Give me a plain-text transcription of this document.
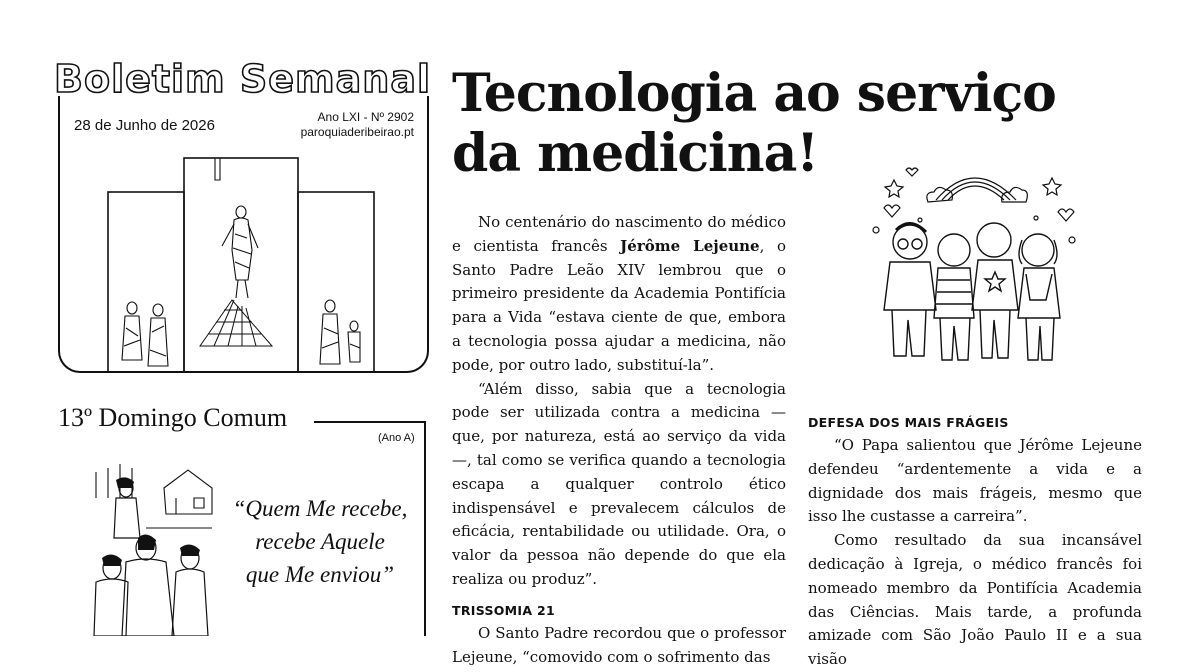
Boletim Semanal
28 de Junho de 2026	Ano LXI - Nº 2902
paroquiaderibeirao.pt
13º Domingo Comum
(Ano A)
“Quem Me recebe,
recebe Aquele
que Me enviou”
Tecnologia ao serviço
da medicina!

No centenário do nascimento do médico e cientista francês Jérôme Lejeune, o Santo Padre Leão XIV lembrou que o primeiro presidente da Academia Pontifícia para a Vida “estava ciente de que, embora a tecnologia possa ajudar a medicina, não pode, por outro lado, substituí-la”.

“Além disso, sabia que a tecnologia pode ser utilizada contra a medicina — que, por natureza, está ao serviço da vida —, tal como se verifica quando a tecnologia escapa a qualquer controlo ético indispensável e prevalecem cálculos de eficácia, rentabilidade ou utilidade. Ora, o valor da pessoa não depende do que ela realiza ou produz”.

TRISSOMIA 21

O Santo Padre recordou que o professor Lejeune, “comovido com o sofrimento das

DEFESA DOS MAIS FRÁGEIS

“O Papa salientou que Jérôme Lejeune defendeu “ardentemente a vida e a dignidade dos mais frágeis, mesmo que isso lhe custasse a carreira”.

Como resultado da sua incansável dedicação à Igreja, o médico francês foi nomeado membro da Pontifícia Academia das Ciências. Mais tarde, a profunda amizade com São João Paulo II e a sua visão
